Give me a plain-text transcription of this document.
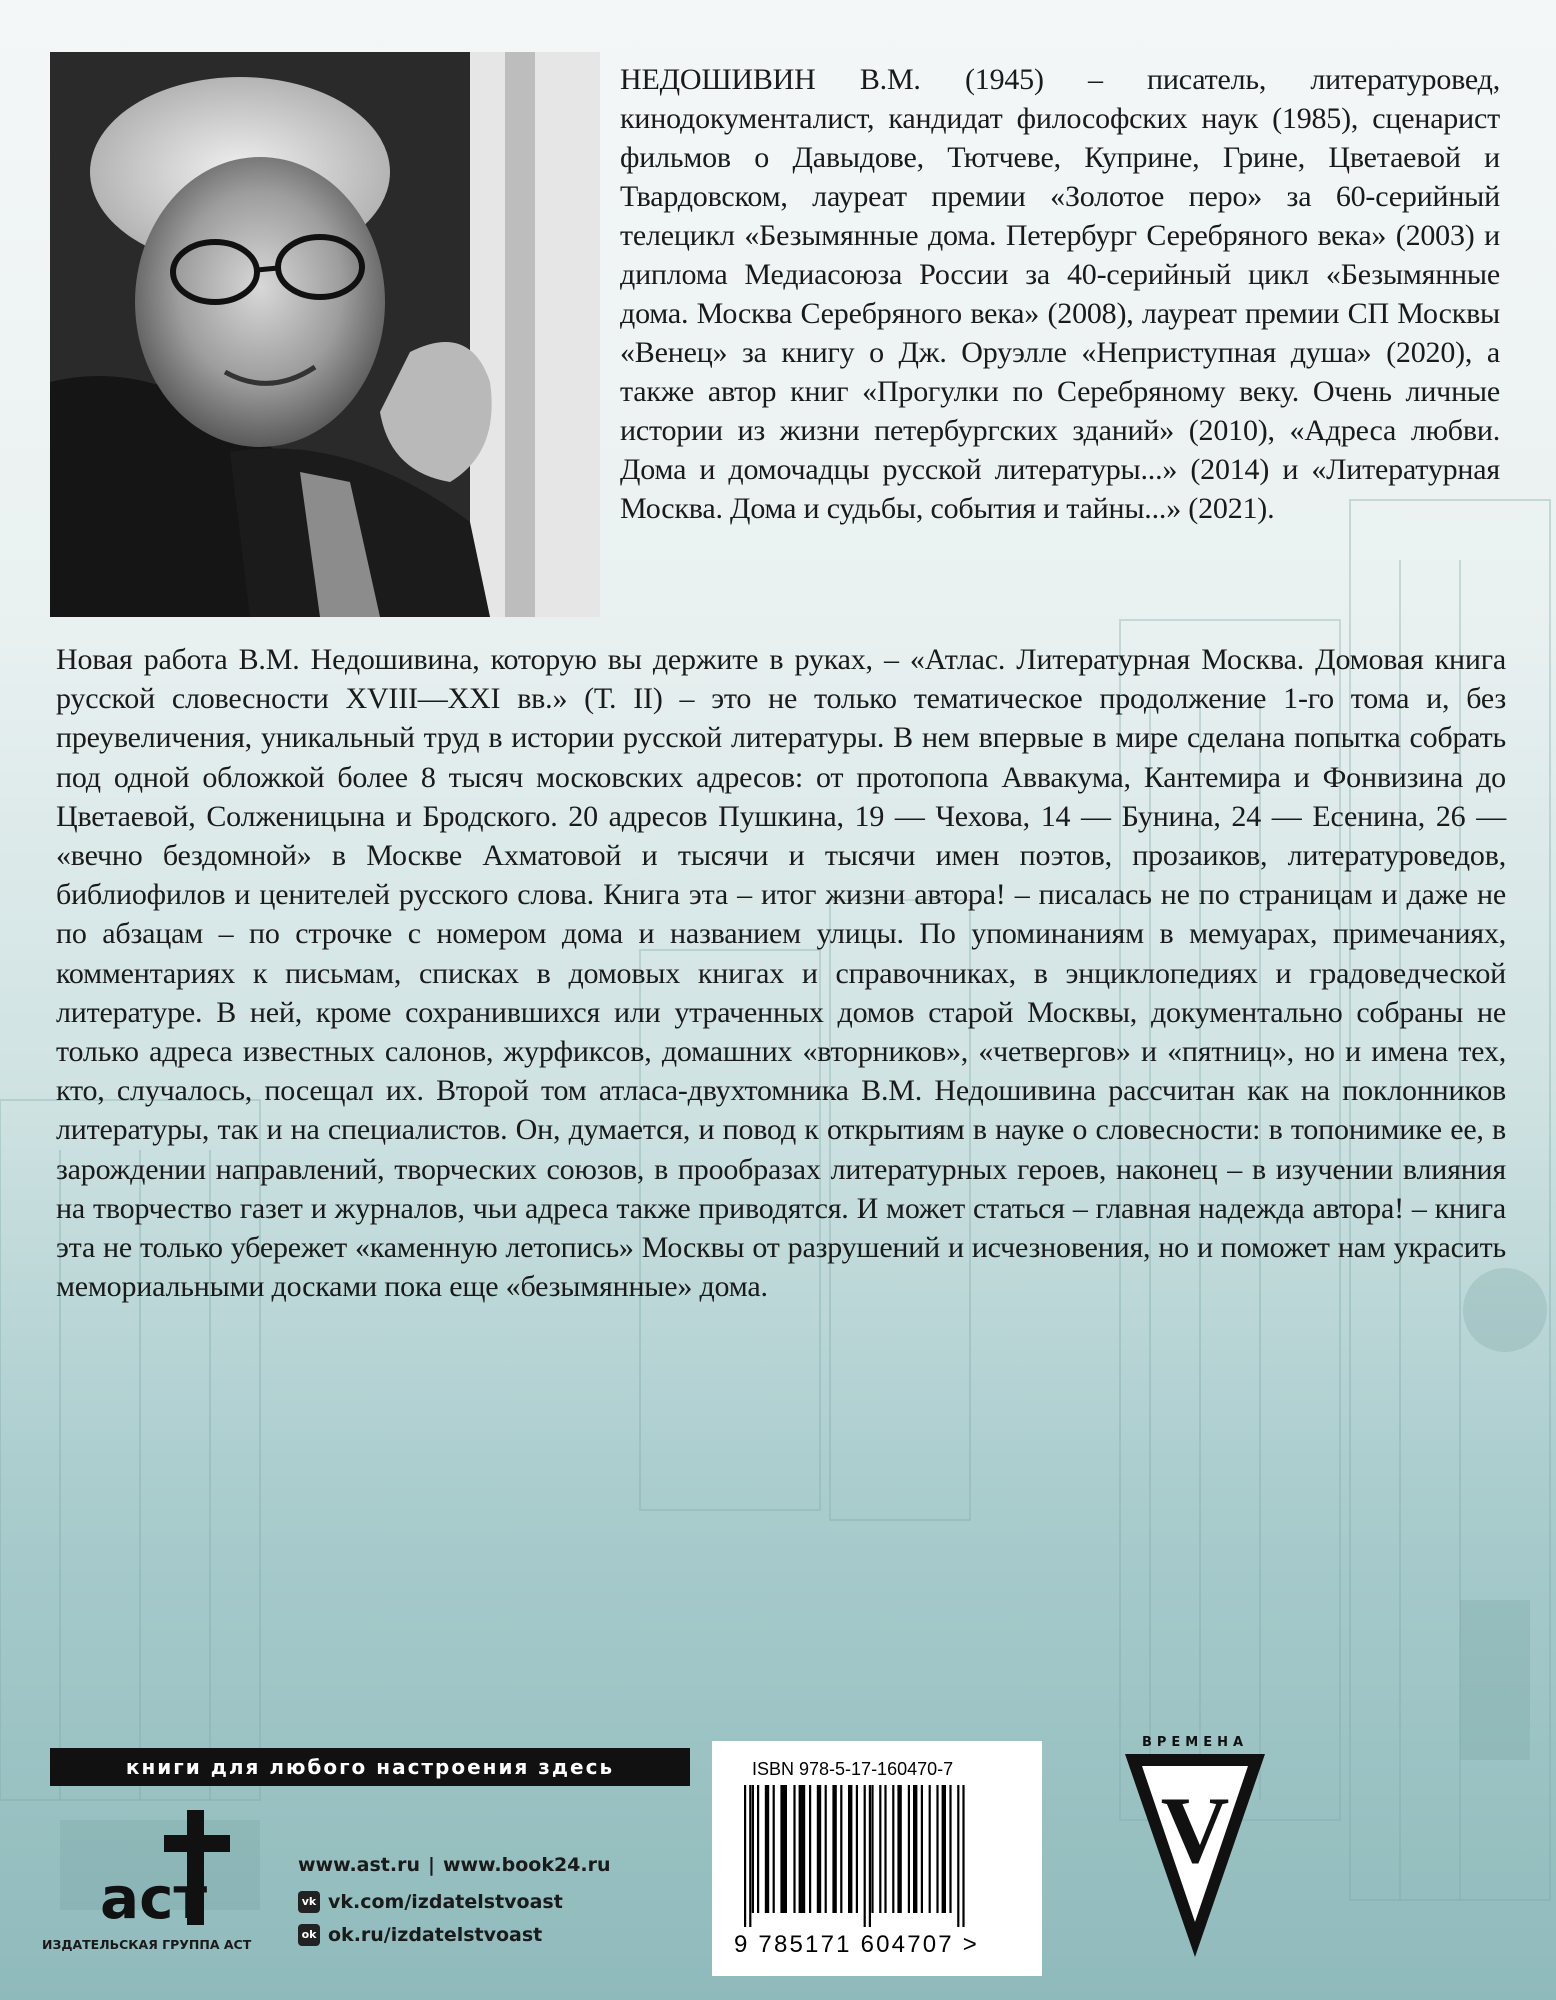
НЕДОШИВИН В.М. (1945) – писатель, литературовед, кинодокументалист, кандидат философских наук (1985), сценарист фильмов о Давыдове, Тютчеве, Куприне, Грине, Цветаевой и Твардовском, лауреат премии «Золотое перо» за 60-серийный телецикл «Безымянные дома. Петербург Серебряного века» (2003) и диплома Медиасоюза России за 40-серийный цикл «Безымянные дома. Москва Серебряного века» (2008), лауреат премии СП Москвы «Венец» за книгу о Дж. Оруэлле «Неприступная душа» (2020), а также автор книг «Прогулки по Серебряному веку. Очень личные истории из жизни петербургских зданий» (2010), «Адреса любви. Дома и домочадцы русской литературы...» (2014) и «Литературная Москва. Дома и судьбы, события и тайны...» (2021).
Новая работа В.М. Недошивина, которую вы держите в руках, – «Атлас. Литературная Москва. Домовая книга русской словесности XVIII—XXI вв.» (Т. II) – это не только тематическое продолжение 1-го тома и, без преувеличения, уникальный труд в истории русской литературы. В нем впервые в мире сделана попытка собрать под одной обложкой более 8 тысяч московских адресов: от протопопа Аввакума, Кантемира и Фонвизина до Цветаевой, Солженицына и Бродского. 20 адресов Пушкина, 19 — Чехова, 14 — Бунина, 24 — Есенина, 26 — «вечно бездомной» в Москве Ахматовой и тысячи и тысячи имен поэтов, прозаиков, литературоведов, библиофилов и ценителей русского слова. Книга эта – итог жизни автора! – писалась не по страницам и даже не по абзацам – по строчке с номером дома и названием улицы. По упоминаниям в мемуарах, примечаниях, комментариях к письмам, списках в домовых книгах и справочниках, в энциклопедиях и градоведческой литературе. В ней, кроме сохранившихся или утраченных домов старой Москвы, документально собраны не только адреса известных салонов, журфиксов, домашних «вторников», «четвергов» и «пятниц», но и имена тех, кто, случалось, посещал их. Второй том атласа-двухтомника В.М. Недошивина рассчитан как на поклонников литературы, так и на специалистов. Он, думается, и повод к открытиям в науке о словесности: в топонимике ее, в зарождении направлений, творческих союзов, в прообразах литературных героев, наконец – в изучении влияния на творчество газет и журналов, чьи адреса также приводятся. И может статься – главная надежда автора! – книга эта не только убережет «каменную летопись» Москвы от разрушений и исчезновения, но и поможет нам украсить мемориальными досками пока еще «безымянные» дома.
книги для любого настроения здесь
аст
ИЗДАТЕЛЬСКАЯ ГРУППА АСТ
www.ast.ru | www.book24.ru
vk vk.com/izdatelstvoast
ok ok.ru/izdatelstvoast
ISBN 978-5-17-160470-7
9 785171 604707 >
ВРЕМЕНА
V
